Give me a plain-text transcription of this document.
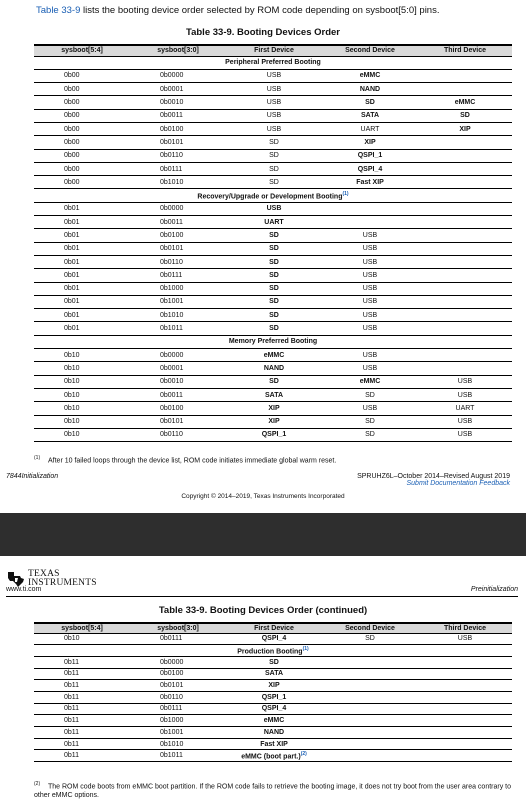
Table 33-9 lists the booting device order selected by ROM code depending on sysboot[5:0] pins.
Table 33-9. Booting Devices Order
sysboot[5:4]	sysboot[3:0]	First Device	Second Device	Third Device
Peripheral Preferred Booting				
0b00	0b0000	USB	eMMC	
0b00	0b0001	USB	NAND	
0b00	0b0010	USB	SD	eMMC
0b00	0b0011	USB	SATA	SD
0b00	0b0100	USB	UART	XIP
0b00	0b0101	SD	XIP	
0b00	0b0110	SD	QSPI_1	
0b00	0b0111	SD	QSPI_4	
0b00	0b1010	SD	Fast XIP	
Recovery/Upgrade or Development Booting$^{(1)}$
0b01	0b0000	USB		
0b01	0b0011	UART		
0b01	0b0100	SD	USB	
0b01	0b0101	SD	USB	
0b01	0b0110	SD	USB	
0b01	0b0111	SD	USB	
0b01	0b1000	SD	USB	
0b01	0b1001	SD	USB	
0b01	0b1010	SD	USB	
0b01	0b1011	SD	USB	
Memory Preferred Booting				
0b10	0b0000	eMMC	USB	
0b10	0b0001	NAND	USB	
0b10	0b0010	SD	eMMC	USB
0b10	0b0011	SATA	SD	USB
0b10	0b0100	XIP	USB	UART
0b10	0b0101	XIP	SD	USB
0b10	0b0110	QSPI_1	SD	USB
(1) After 10 failed loops through the device list, ROM code initiates immediate global warm reset.
7844Initialization	SPRUHZ6L–October 2014–Revised August 2019
Submit Documentation Feedback
Copyright © 2014–2019, Texas Instruments Incorporated
TEXAS
INSTRUMENTS
www.ti.com	Preinitialization
Table 33-9. Booting Devices Order (continued)
sysboot[5:4]	sysboot[3:0]	First Device	Second Device	Third Device
0b10	0b0111	QSPI_4	SD	USB
Production Booting$^{(1)}$
0b11	0b0000	SD		
0b11	0b0100	SATA		
0b11	0b0101	XIP		
0b11	0b0110	QSPI_1		
0b11	0b0111	QSPI_4		
0b11	0b1000	eMMC		
0b11	0b1001	NAND		
0b11	0b1010	Fast XIP		
0b11	0b1011	eMMC (boot part.)$^{(2)}$		
(2) The ROM code boots from eMMC boot partition. If the ROM code fails to retrieve the booting image, it does not try boot from the user area contrary to other eMMC options.
